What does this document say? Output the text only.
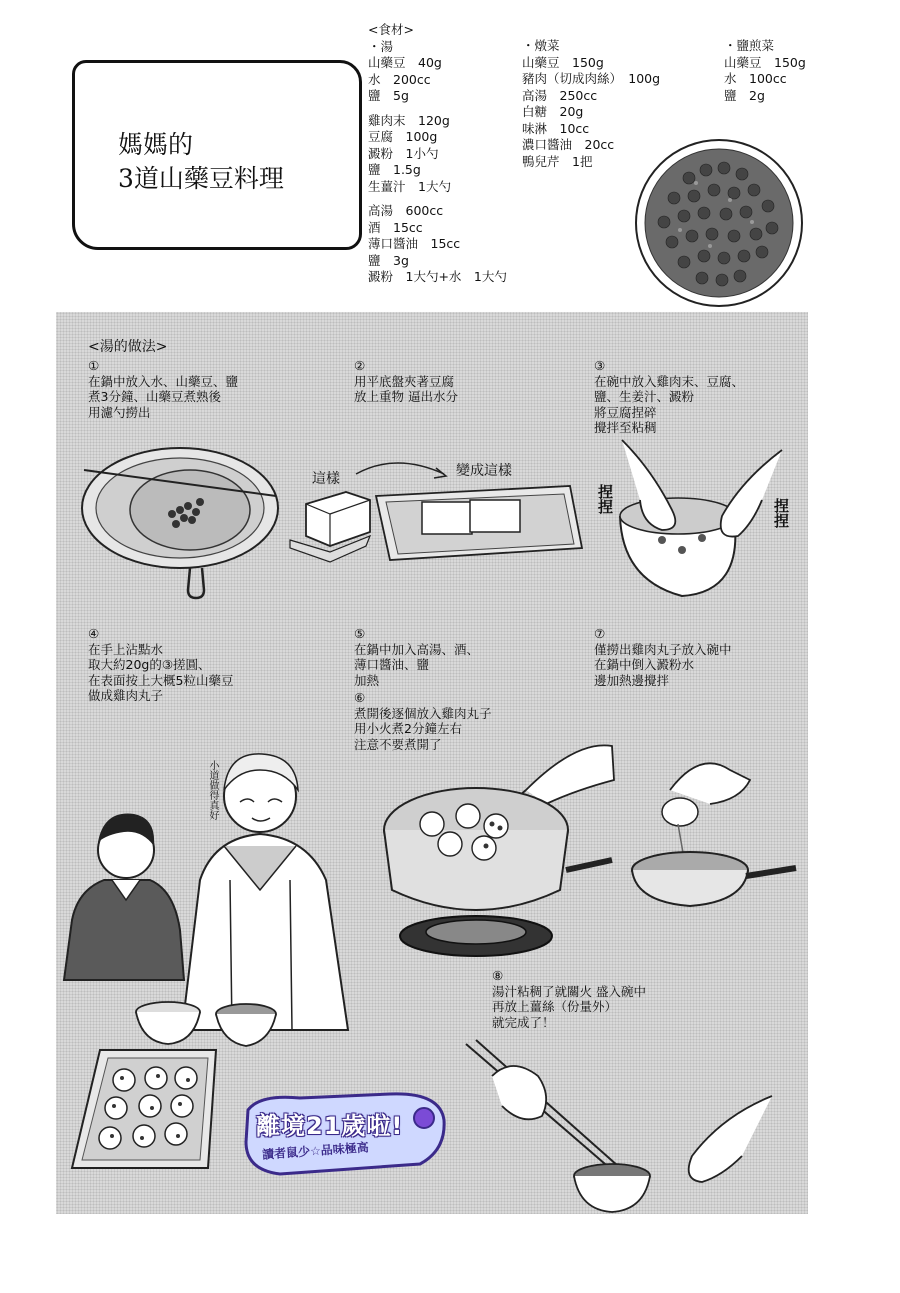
媽媽的
3道山藥豆料理
<食材>
・湯
山藥豆　40g
水　200cc
鹽　5g
雞肉末　120g
豆腐　100g
澱粉　1小勺
鹽　1.5g
生薑汁　1大勺
高湯　600cc
酒　15cc
薄口醬油　15cc
鹽　3g
澱粉　1大勺+水　1大勺
・燉菜
山藥豆　150g
豬肉（切成肉絲）　100g
高湯　250cc
白糖　20g
味淋　10cc
濃口醬油　20cc
鴨兒芹　1把
・鹽煎菜
山藥豆　150g
水　100cc
鹽　2g
<湯的做法>
①
在鍋中放入水、山藥豆、鹽
煮3分鐘、山藥豆煮熟後
用濾勺撈出
②
用平底盤夾著豆腐
放上重物 逼出水分
③
在碗中放入雞肉末、豆腐、
鹽、生姜汁、澱粉
將豆腐捏碎
攪拌至粘稠
這樣	變成這樣
捏捏	捏捏
④
在手上沾點水
取大約20g的③搓圓、
在表面按上大概5粒山藥豆
做成雞肉丸子
⑤
在鍋中加入高湯、酒、
薄口醬油、鹽
加熱
⑥
煮開後逐個放入雞肉丸子
用小火煮2分鐘左右
注意不要煮開了
⑦
僅撈出雞肉丸子放入碗中
在鍋中倒入澱粉水
邊加熱邊攪拌
小道做得真好
⑧
湯汁粘稠了就關火 盛入碗中
再放上薑絲（份量外）
就完成了！
離境21歲啦!
讀者鼠少☆品味極高
